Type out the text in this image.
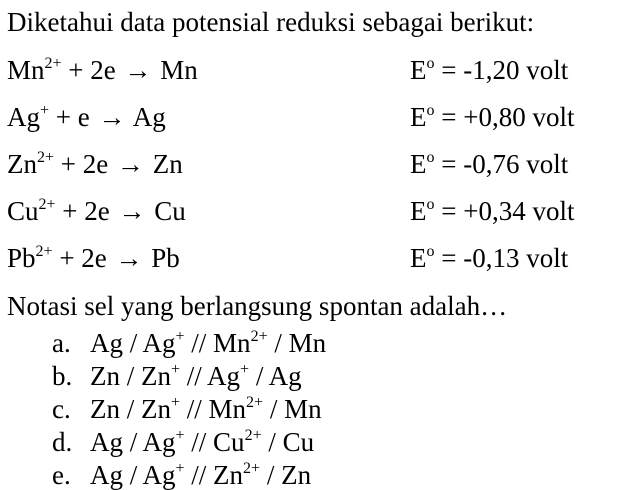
Diketahui data potensial reduksi sebagai berikut:
$Mn^{2+} + 2e \to Mn$	$E^o = -1,20$ volt
Ag+ + e → Ag	$E^o = +0,80$ volt
$Zn^{2+} + 2e \to Zn$	$E^o = -0,76$ volt
$Cu^{2+} + 2e \to Cu$	$E^o = +0,34$ volt
$Pb^{2+} + 2e \to Pb$	$E^o = -0,13$ volt
Notasi sel yang berlangsung spontan adalah…
a. Ag / $Ag^+ // Mn^{2+}$ / Mn
b. Zn / Zn+ // Ag+ / Ag
c. Zn / $Zn^+ // Mn^{2+}$ / Mn
d. Ag / $Ag^+ // Cu^{2+}$ / Cu
e. Ag / $Ag^+ // Zn^{2+}$ / Zn
